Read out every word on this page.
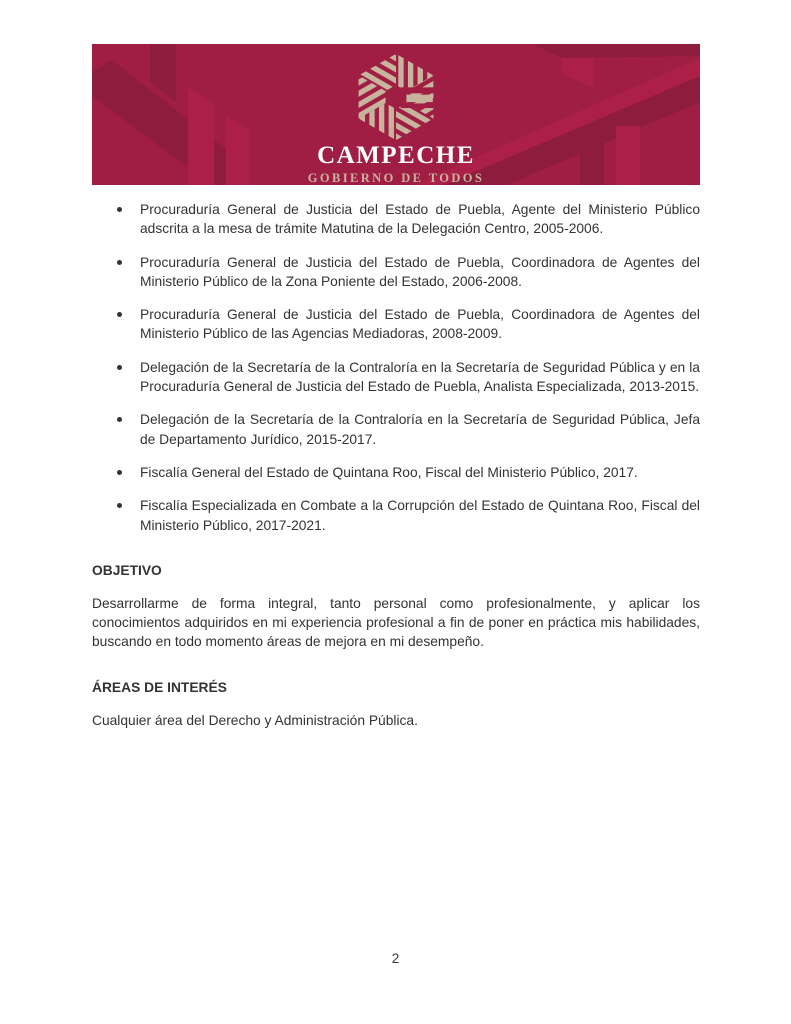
CAMPECHE
GOBIERNO DE TODOS
Procuraduría General de Justicia del Estado de Puebla, Agente del Ministerio Público adscrita a la mesa de trámite Matutina de la Delegación Centro, 2005-2006.
Procuraduría General de Justicia del Estado de Puebla, Coordinadora de Agentes del Ministerio Público de la Zona Poniente del Estado, 2006-2008.
Procuraduría General de Justicia del Estado de Puebla, Coordinadora de Agentes del Ministerio Público de las Agencias Mediadoras, 2008-2009.
Delegación de la Secretaría de la Contraloría en la Secretaría de Seguridad Pública y en la Procuraduría General de Justicia del Estado de Puebla, Analista Especializada, 2013-2015.
Delegación de la Secretaría de la Contraloría en la Secretaría de Seguridad Pública, Jefa de Departamento Jurídico, 2015-2017.
Fiscalía General del Estado de Quintana Roo, Fiscal del Ministerio Público, 2017.
Fiscalía Especializada en Combate a la Corrupción del Estado de Quintana Roo, Fiscal del Ministerio Público, 2017-2021.
OBJETIVO
Desarrollarme de forma integral, tanto personal como profesionalmente, y aplicar los conocimientos adquiridos en mi experiencia profesional a fin de poner en práctica mis habilidades, buscando en todo momento áreas de mejora en mi desempeño.
ÁREAS DE INTERÉS
Cualquier área del Derecho y Administración Pública.
2
